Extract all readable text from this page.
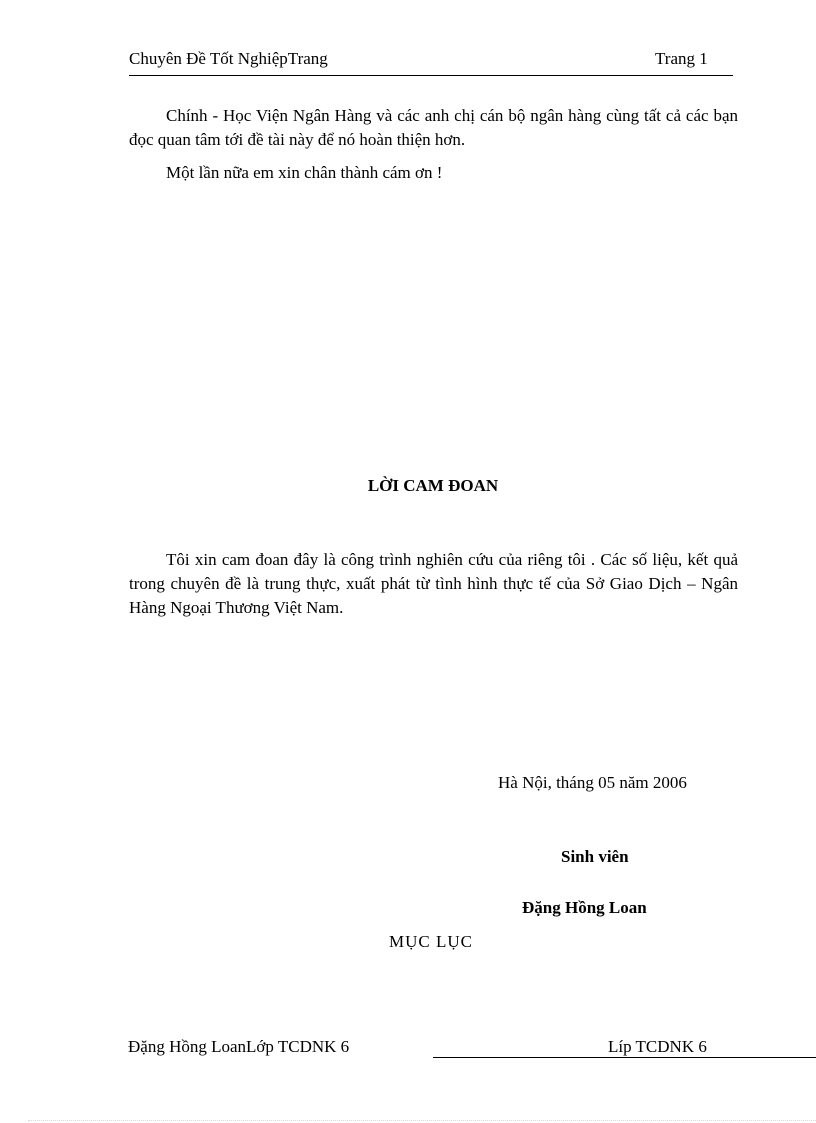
Chuyên Đề Tốt NghiệpTrang	Trang 1

Chính - Học Viện Ngân Hàng và các anh chị cán bộ ngân hàng cùng tất cả các bạn đọc quan tâm tới đề tài này để nó hoàn thiện hơn.

Một lần nữa em xin chân thành cám ơn !

LỜI CAM ĐOAN

Tôi xin cam đoan đây là công trình nghiên cứu của riêng tôi . Các số liệu, kết quả trong chuyên đề là trung thực, xuất phát từ tình hình thực tế của Sở Giao Dịch – Ngân Hàng Ngoại Thương Việt Nam.

Hà Nội, tháng 05 năm 2006
Sinh viên
Đặng Hồng Loan
MỤC LỤC
Đặng Hồng LoanLớp TCDNK 6	Líp TCDNK 6
